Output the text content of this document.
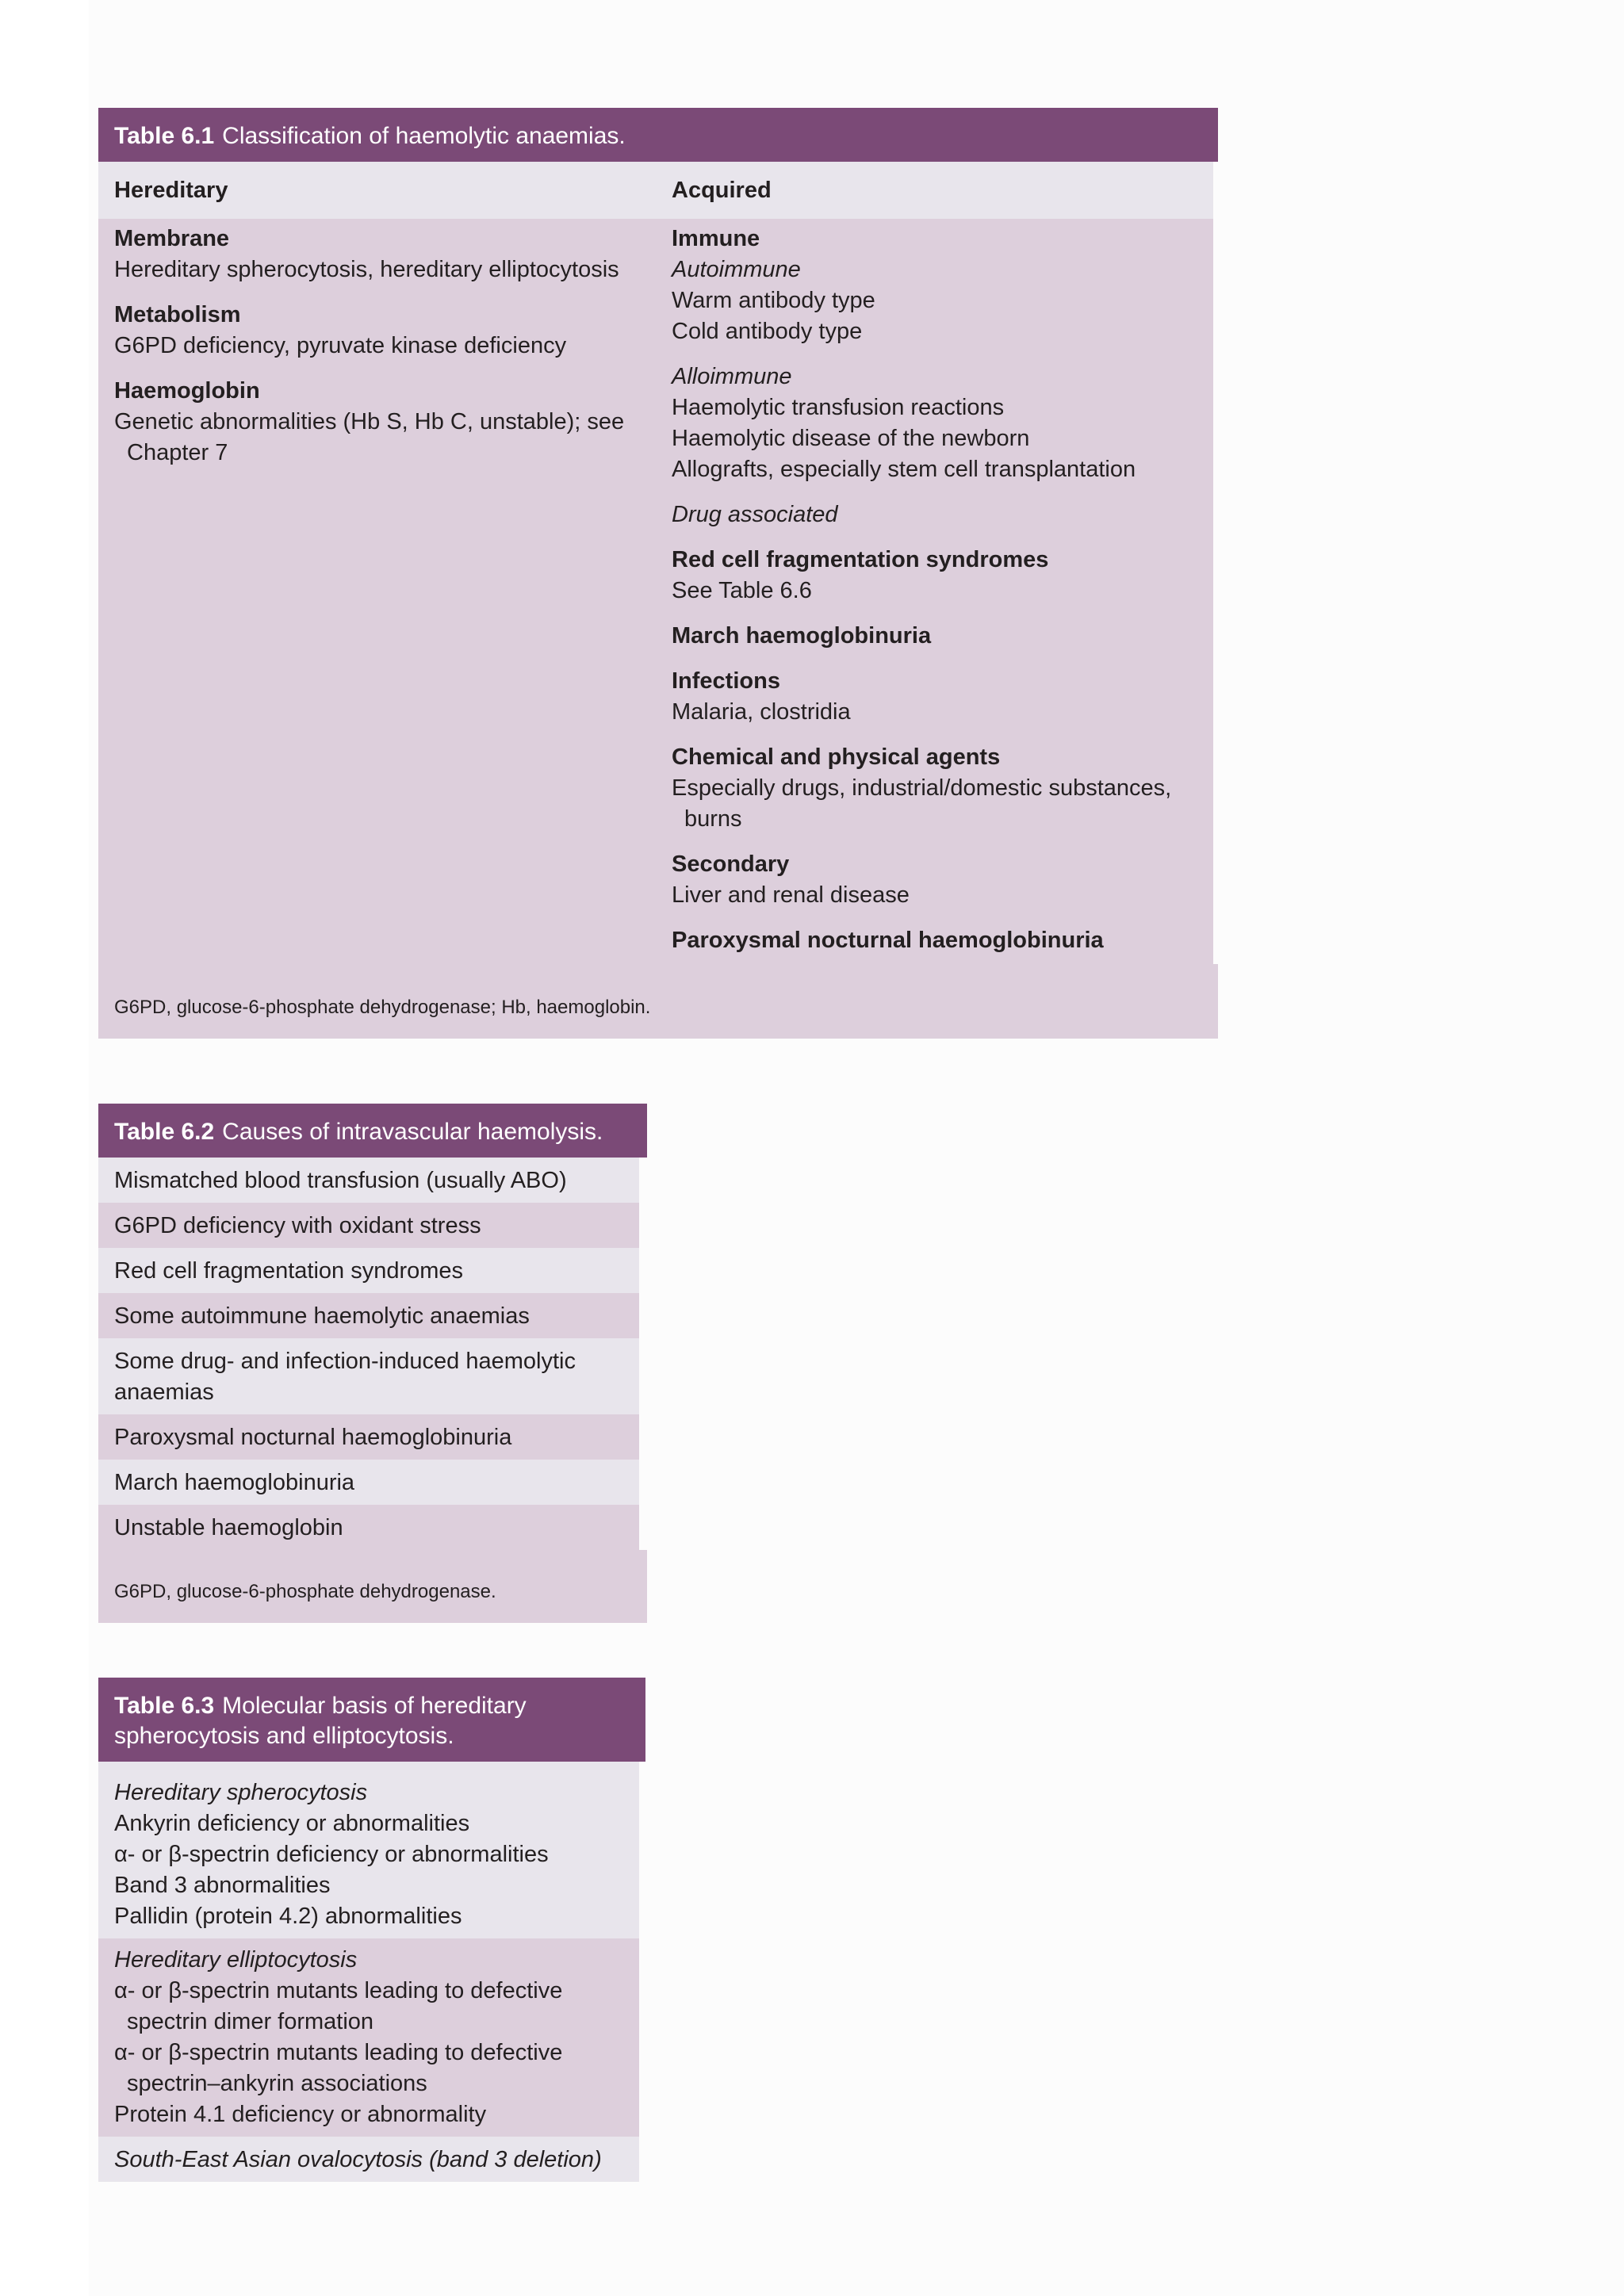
Table 6.1 Classification of haemolytic anaemias.
Hereditary	Acquired
Membrane
Hereditary spherocytosis, hereditary elliptocytosis
Metabolism
G6PD deficiency, pyruvate kinase deficiency
Haemoglobin
Genetic abnormalities (Hb S, Hb C, unstable); see
Chapter 7
Immune
Autoimmune
Warm antibody type
Cold antibody type
Alloimmune
Haemolytic transfusion reactions
Haemolytic disease of the newborn
Allografts, especially stem cell transplantation
Drug associated
Red cell fragmentation syndromes
See Table 6.6
March haemoglobinuria
Infections
Malaria, clostridia
Chemical and physical agents
Especially drugs, industrial/domestic substances,
burns
Secondary
Liver and renal disease
Paroxysmal nocturnal haemoglobinuria
G6PD, glucose-6-phosphate dehydrogenase; Hb, haemoglobin.
Table 6.2 Causes of intravascular haemolysis.
Mismatched blood transfusion (usually ABO)
G6PD deficiency with oxidant stress
Red cell fragmentation syndromes
Some autoimmune haemolytic anaemias
Some drug- and infection-induced haemolytic
anaemias
Paroxysmal nocturnal haemoglobinuria
March haemoglobinuria
Unstable haemoglobin
G6PD, glucose-6-phosphate dehydrogenase.
Table 6.3 Molecular basis of hereditary
spherocytosis and elliptocytosis.
Hereditary spherocytosis
Ankyrin deficiency or abnormalities
α- or β-spectrin deficiency or abnormalities
Band 3 abnormalities
Pallidin (protein 4.2) abnormalities
Hereditary elliptocytosis
α- or β-spectrin mutants leading to defective
spectrin dimer formation
α- or β-spectrin mutants leading to defective
spectrin–ankyrin associations
Protein 4.1 deficiency or abnormality
South-East Asian ovalocytosis (band 3 deletion)
